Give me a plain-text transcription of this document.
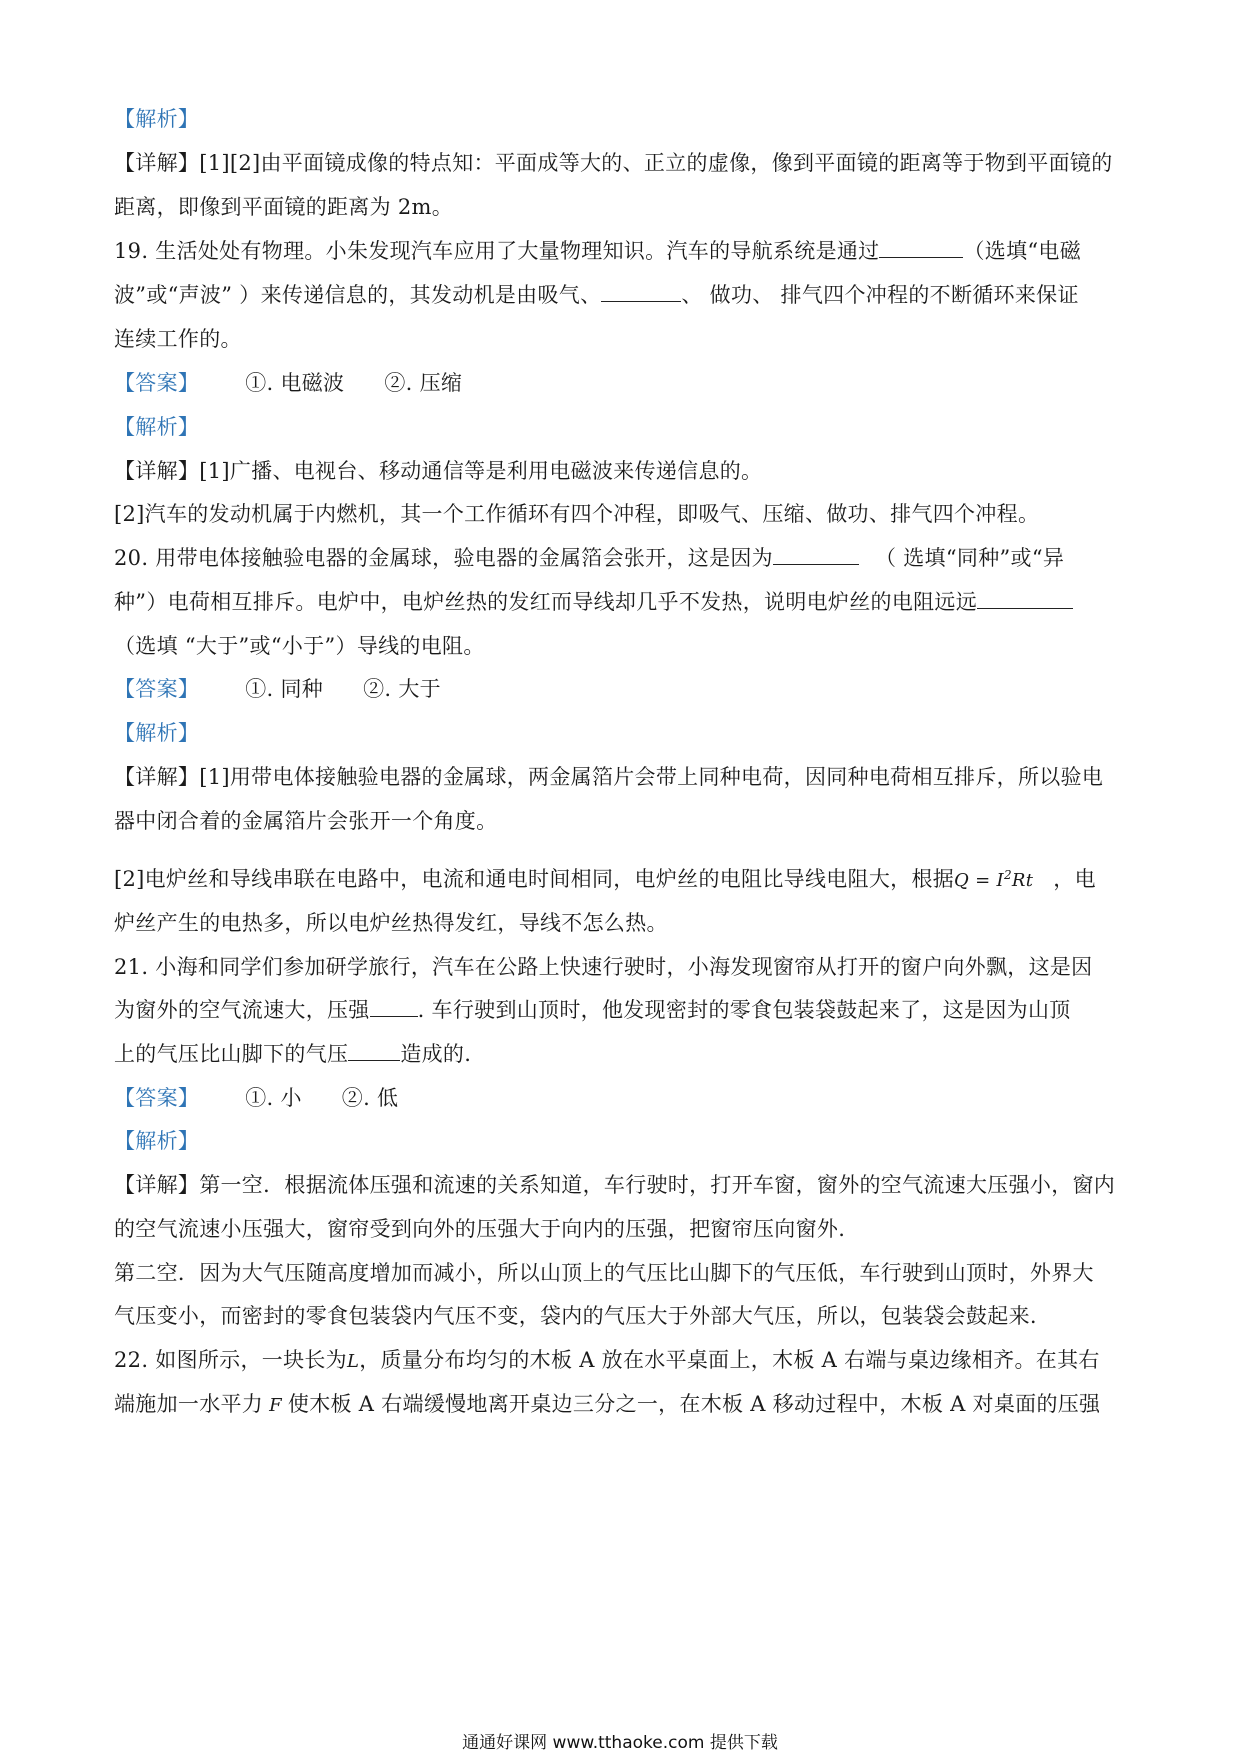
【解析】
【详解】[1][2]由平面镜成像的特点知：平面成等大的、正立的虚像，像到平面镜的距离等于物到平面镜的
距离，即像到平面镜的距离为 2m。
19. 生活处处有物理。小朱发现汽车应用了大量物理知识。汽车的导航系统是通过	（选填“电磁
波”或“声波” ）来传递信息的，其发动机是由吸气、	、 做功、 排气四个冲程的不断循环来保证
连续工作的。
【答案】 ①. 电磁波 ②. 压缩
【解析】
【详解】[1]广播、电视台、移动通信等是利用电磁波来传递信息的。
[2]汽车的发动机属于内燃机，其一个工作循环有四个冲程，即吸气、压缩、做功、排气四个冲程。
20. 用带电体接触验电器的金属球，验电器的金属箔会张开，这是因为	（ 选填“同种”或“异
种”）电荷相互排斥。电炉中，电炉丝热的发红而导线却几乎不发热，说明电炉丝的电阻远远
（选填 “大于”或“小于”）导线的电阻。
【答案】 ①. 同种 ②. 大于
【解析】
【详解】[1]用带电体接触验电器的金属球，两金属箔片会带上同种电荷，因同种电荷相互排斥，所以验电
器中闭合着的金属箔片会张开一个角度。
[2]电炉丝和导线串联在电路中，电流和通电时间相同，电炉丝的电阻比导线电阻大，根据$Q = I^2Rt$ ，电
炉丝产生的电热多，所以电炉丝热得发红，导线不怎么热。
21. 小海和同学们参加研学旅行，汽车在公路上快速行驶时，小海发现窗帘从打开的窗户向外飘，这是因
为窗外的空气流速大，压强 . 车行驶到山顶时，他发现密封的零食包装袋鼓起来了，这是因为山顶
上的气压比山脚下的气压 造成的.
【答案】 ①. 小 ②. 低
【解析】
【详解】第一空．根据流体压强和流速的关系知道，车行驶时，打开车窗，窗外的空气流速大压强小，窗内
的空气流速小压强大，窗帘受到向外的压强大于向内的压强，把窗帘压向窗外.
第二空．因为大气压随高度增加而减小，所以山顶上的气压比山脚下的气压低，车行驶到山顶时，外界大
气压变小，而密封的零食包装袋内气压不变，袋内的气压大于外部大气压，所以，包装袋会鼓起来.
22. 如图所示，一块长为L，质量分布均匀的木板 A 放在水平桌面上，木板 A 右端与桌边缘相齐。在其右
端施加一水平力 F 使木板 A 右端缓慢地离开桌边三分之一，在木板 A 移动过程中，木板 A 对桌面的压强
通通好课网 www.tthaoke.com 提供下载
